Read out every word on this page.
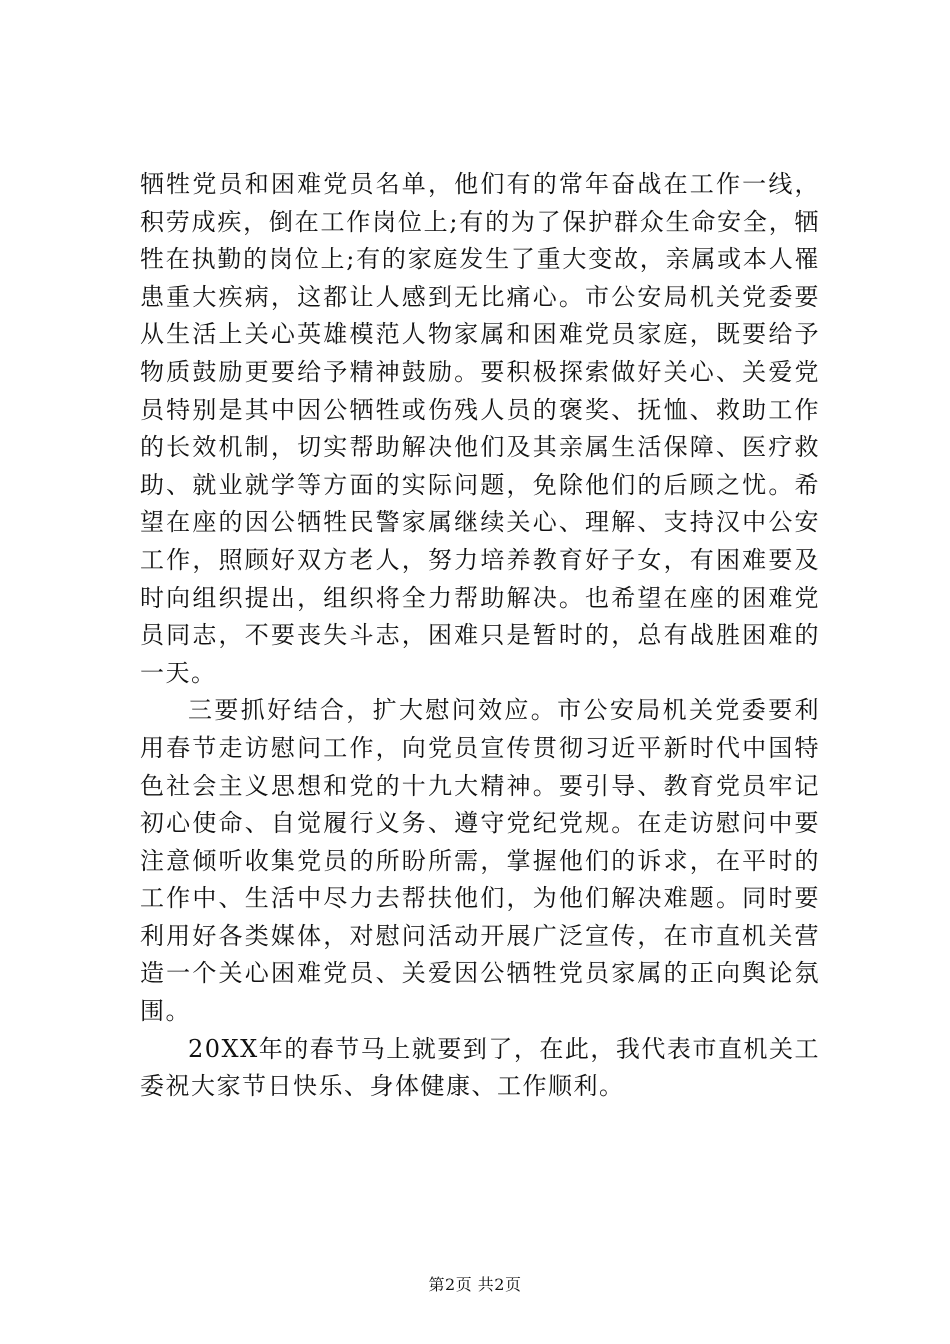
牺牲党员和困难党员名单，他们有的常年奋战在工作一线，积劳成疾，倒在工作岗位上;有的为了保护群众生命安全，牺牲在执勤的岗位上;有的家庭发生了重大变故，亲属或本人罹患重大疾病，这都让人感到无比痛心。市公安局机关党委要从生活上关心英雄模范人物家属和困难党员家庭，既要给予物质鼓励更要给予精神鼓励。要积极探索做好关心、关爱党员特别是其中因公牺牲或伤残人员的褒奖、抚恤、救助工作的长效机制，切实帮助解决他们及其亲属生活保障、医疗救助、就业就学等方面的实际问题，免除他们的后顾之忧。希望在座的因公牺牲民警家属继续关心、理解、支持汉中公安工作，照顾好双方老人，努力培养教育好子女，有困难要及时向组织提出，组织将全力帮助解决。也希望在座的困难党员同志，不要丧失斗志，困难只是暂时的，总有战胜困难的一天。

三要抓好结合，扩大慰问效应。市公安局机关党委要利用春节走访慰问工作，向党员宣传贯彻习近平新时代中国特色社会主义思想和党的十九大精神。要引导、教育党员牢记初心使命、自觉履行义务、遵守党纪党规。在走访慰问中要注意倾听收集党员的所盼所需，掌握他们的诉求，在平时的工作中、生活中尽力去帮扶他们，为他们解决难题。同时要利用好各类媒体，对慰问活动开展广泛宣传，在市直机关营造一个关心困难党员、关爱因公牺牲党员家属的正向舆论氛围。

20XX年的春节马上就要到了，在此，我代表市直机关工委祝大家节日快乐、身体健康、工作顺利。

第2页 共2页
